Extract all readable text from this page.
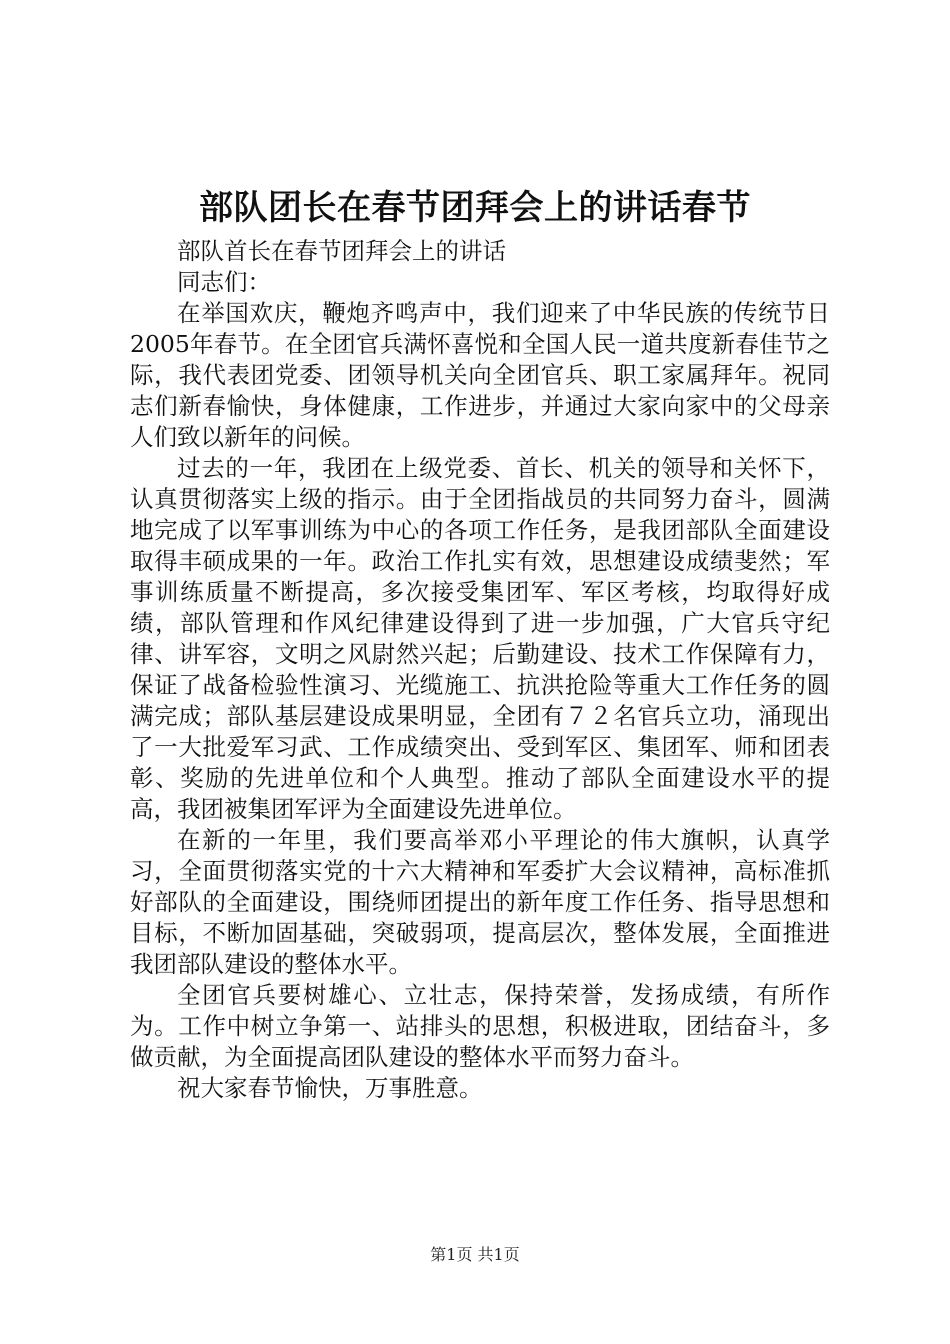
部队团长在春节团拜会上的讲话春节

部队首长在春节团拜会上的讲话

同志们：

在举国欢庆，鞭炮齐鸣声中，我们迎来了中华民族的传统节日2005年春节。在全团官兵满怀喜悦和全国人民一道共度新春佳节之际，我代表团党委、团领导机关向全团官兵、职工家属拜年。祝同志们新春愉快，身体健康，工作进步，并通过大家向家中的父母亲人们致以新年的问候。

过去的一年，我团在上级党委、首长、机关的领导和关怀下，认真贯彻落实上级的指示。由于全团指战员的共同努力奋斗，圆满地完成了以军事训练为中心的各项工作任务，是我团部队全面建设取得丰硕成果的一年。政治工作扎实有效，思想建设成绩斐然；军事训练质量不断提高，多次接受集团军、军区考核，均取得好成绩，部队管理和作风纪律建设得到了进一步加强，广大官兵守纪律、讲军容，文明之风尉然兴起；后勤建设、技术工作保障有力，保证了战备检验性演习、光缆施工、抗洪抢险等重大工作任务的圆满完成；部队基层建设成果明显，全团有７２名官兵立功，涌现出了一大批爱军习武、工作成绩突出、受到军区、集团军、师和团表彰、奖励的先进单位和个人典型。推动了部队全面建设水平的提高，我团被集团军评为全面建设先进单位。

在新的一年里，我们要高举邓小平理论的伟大旗帜，认真学习，全面贯彻落实党的十六大精神和军委扩大会议精神，高标准抓好部队的全面建设，围绕师团提出的新年度工作任务、指导思想和目标，不断加固基础，突破弱项，提高层次，整体发展，全面推进我团部队建设的整体水平。

全团官兵要树雄心、立壮志，保持荣誉，发扬成绩，有所作为。工作中树立争第一、站排头的思想，积极进取，团结奋斗，多做贡献，为全面提高团队建设的整体水平而努力奋斗。

祝大家春节愉快，万事胜意。

第1页 共1页
